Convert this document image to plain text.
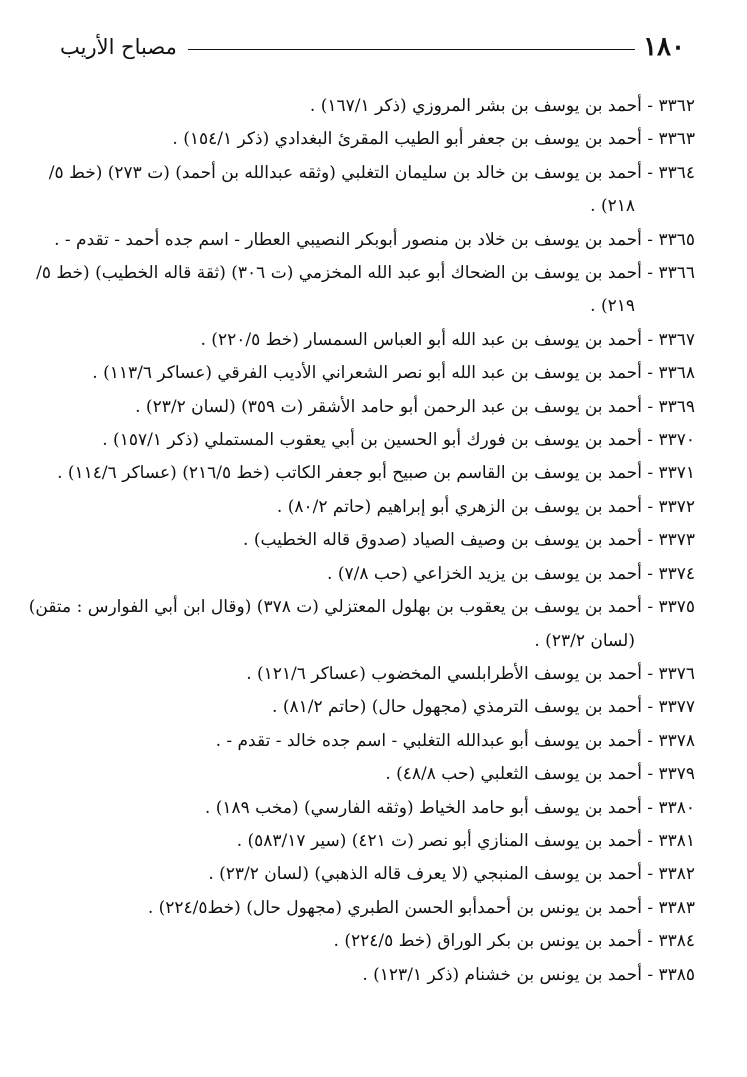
١٨٠
مصباح الأريب
٣٣٦٢ - أحمد بن يوسف بن بشر المروزي (ذكر ١٦٧/١) .
٣٣٦٣ - أحمد بن يوسف بن جعفر أبو الطيب المقرئ البغدادي (ذكر ١٥٤/١) .
٣٣٦٤ - أحمد بن يوسف بن خالد بن سليمان التغلبي (وثقه عبدالله بن أحمد) (ت ٢٧٣) (خط ٥/
٢١٨) .
٣٣٦٥ - أحمد بن يوسف بن خلاد بن منصور أبوبكر النصيبي العطار - اسم جده أحمد - تقدم - .
٣٣٦٦ - أحمد بن يوسف بن الضحاك أبو عبد الله المخزمي (ت ٣٠٦) (ثقة قاله الخطيب) (خط ٥/
٢١٩) .
٣٣٦٧ - أحمد بن يوسف بن عبد الله أبو العباس السمسار (خط ٢٢٠/٥) .
٣٣٦٨ - أحمد بن يوسف بن عبد الله أبو نصر الشعراني الأديب الفرقي (عساكر ١١٣/٦) .
٣٣٦٩ - أحمد بن يوسف بن عبد الرحمن أبو حامد الأشقر (ت ٣٥٩) (لسان ٢٣/٢) .
٣٣٧٠ - أحمد بن يوسف بن فورك أبو الحسين بن أبي يعقوب المستملي (ذكر ١٥٧/١) .
٣٣٧١ - أحمد بن يوسف بن القاسم بن صبيح أبو جعفر الكاتب (خط ٢١٦/٥) (عساكر ١١٤/٦) .
٣٣٧٢ - أحمد بن يوسف بن الزهري أبو إبراهيم (حاتم ٨٠/٢) .
٣٣٧٣ - أحمد بن يوسف بن وصيف الصياد (صدوق قاله الخطيب) .
٣٣٧٤ - أحمد بن يوسف بن يزيد الخزاعي (حب ٧/٨) .
٣٣٧٥ - أحمد بن يوسف بن يعقوب بن بهلول المعتزلي (ت ٣٧٨) (وقال ابن أبي الفوارس : متقن)
(لسان ٢٣/٢) .
٣٣٧٦ - أحمد بن يوسف الأطرابلسي المخضوب (عساكر ١٢١/٦) .
٣٣٧٧ - أحمد بن يوسف الترمذي (مجهول حال) (حاتم ٨١/٢) .
٣٣٧٨ - أحمد بن يوسف أبو عبدالله التغلبي - اسم جده خالد - تقدم - .
٣٣٧٩ - أحمد بن يوسف الثعلبي (حب ٤٨/٨) .
٣٣٨٠ - أحمد بن يوسف أبو حامد الخياط (وثقه الفارسي) (مخب ١٨٩) .
٣٣٨١ - أحمد بن يوسف المنازي أبو نصر (ت ٤٢١) (سير ٥٨٣/١٧) .
٣٣٨٢ - أحمد بن يوسف المنبجي (لا يعرف قاله الذهبي) (لسان ٢٣/٢) .
٣٣٨٣ - أحمد بن يونس بن أحمدأبو الحسن الطبري (مجهول حال) (خط٢٢٤/٥) .
٣٣٨٤ - أحمد بن يونس بن بكر الوراق (خط ٢٢٤/٥) .
٣٣٨٥ - أحمد بن يونس بن خشنام (ذكر ١٢٣/١) .
